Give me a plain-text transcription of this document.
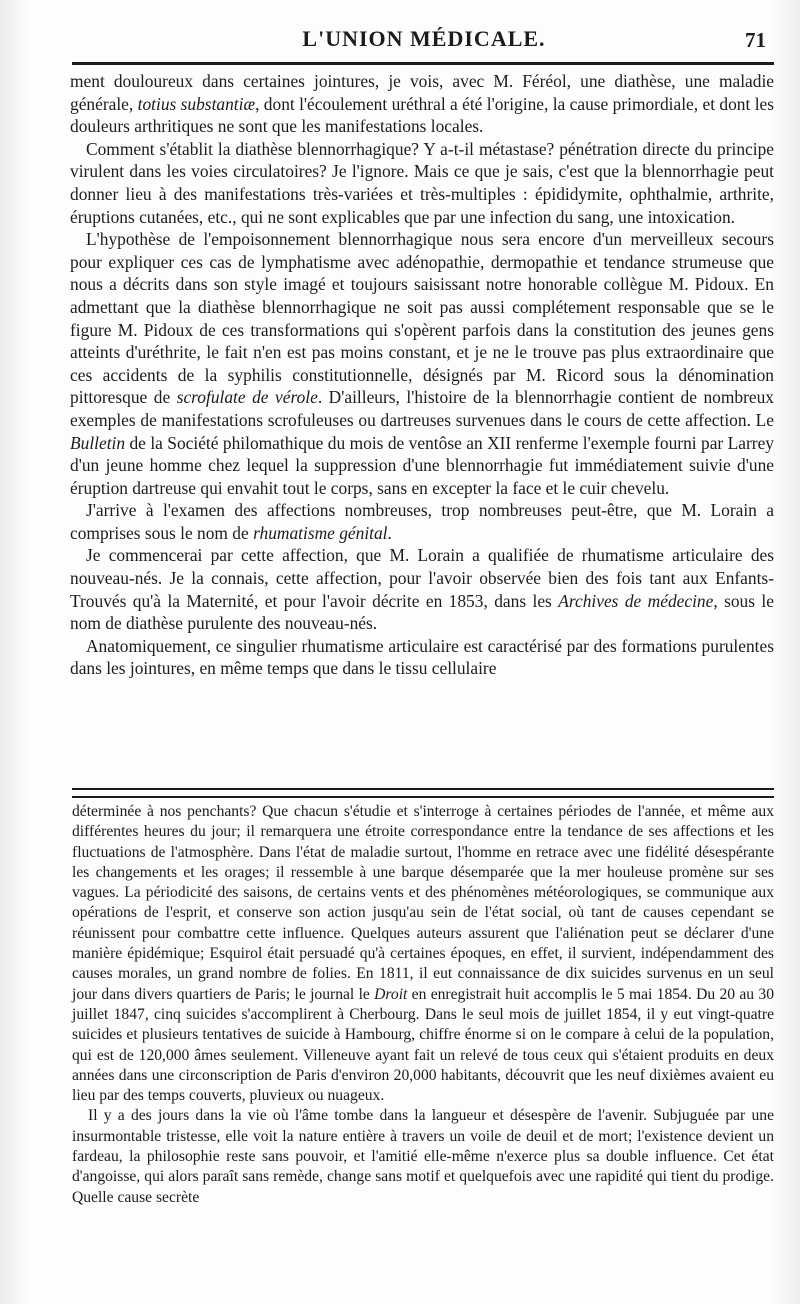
L'UNION MÉDICALE.	71

ment douloureux dans certaines jointures, je vois, avec M. Féréol, une diathèse, une maladie générale, totius substantiæ, dont l'écoulement uréthral a été l'origine, la cause primordiale, et dont les douleurs arthritiques ne sont que les manifestations locales.

Comment s'établit la diathèse blennorrhagique? Y a-t-il métastase? pénétration directe du principe virulent dans les voies circulatoires? Je l'ignore. Mais ce que je sais, c'est que la blennorrhagie peut donner lieu à des manifestations très-variées et très-multiples : épididymite, ophthalmie, arthrite, éruptions cutanées, etc., qui ne sont explicables que par une infection du sang, une intoxication.

L'hypothèse de l'empoisonnement blennorrhagique nous sera encore d'un merveilleux secours pour expliquer ces cas de lymphatisme avec adénopathie, dermopathie et tendance strumeuse que nous a décrits dans son style imagé et toujours saisissant notre honorable collègue M. Pidoux. En admettant que la diathèse blennorrhagique ne soit pas aussi complétement responsable que se le figure M. Pidoux de ces transformations qui s'opèrent parfois dans la constitution des jeunes gens atteints d'uréthrite, le fait n'en est pas moins constant, et je ne le trouve pas plus extraordinaire que ces accidents de la syphilis constitutionnelle, désignés par M. Ricord sous la dénomination pittoresque de scrofulate de vérole. D'ailleurs, l'histoire de la blennorrhagie contient de nombreux exemples de manifestations scrofuleuses ou dartreuses survenues dans le cours de cette affection. Le Bulletin de la Société philomathique du mois de ventôse an XII renferme l'exemple fourni par Larrey d'un jeune homme chez lequel la suppression d'une blennorrhagie fut immédiatement suivie d'une éruption dartreuse qui envahit tout le corps, sans en excepter la face et le cuir chevelu.

J'arrive à l'examen des affections nombreuses, trop nombreuses peut-être, que M. Lorain a comprises sous le nom de rhumatisme génital.

Je commencerai par cette affection, que M. Lorain a qualifiée de rhumatisme articulaire des nouveau-nés. Je la connais, cette affection, pour l'avoir observée bien des fois tant aux Enfants-Trouvés qu'à la Maternité, et pour l'avoir décrite en 1853, dans les Archives de médecine, sous le nom de diathèse purulente des nouveau-nés.

Anatomiquement, ce singulier rhumatisme articulaire est caractérisé par des formations purulentes dans les jointures, en même temps que dans le tissu cellulaire

déterminée à nos penchants? Que chacun s'étudie et s'interroge à certaines périodes de l'année, et même aux différentes heures du jour; il remarquera une étroite correspondance entre la tendance de ses affections et les fluctuations de l'atmosphère. Dans l'état de maladie surtout, l'homme en retrace avec une fidélité désespérante les changements et les orages; il ressemble à une barque désemparée que la mer houleuse promène sur ses vagues. La périodicité des saisons, de certains vents et des phénomènes météorologiques, se communique aux opérations de l'esprit, et conserve son action jusqu'au sein de l'état social, où tant de causes cependant se réunissent pour combattre cette influence. Quelques auteurs assurent que l'aliénation peut se déclarer d'une manière épidémique; Esquirol était persuadé qu'à certaines époques, en effet, il survient, indépendamment des causes morales, un grand nombre de folies. En 1811, il eut connaissance de dix suicides survenus en un seul jour dans divers quartiers de Paris; le journal le Droit en enregistrait huit accomplis le 5 mai 1854. Du 20 au 30 juillet 1847, cinq suicides s'accomplirent à Cherbourg. Dans le seul mois de juillet 1854, il y eut vingt-quatre suicides et plusieurs tentatives de suicide à Hambourg, chiffre énorme si on le compare à celui de la population, qui est de 120,000 âmes seulement. Villeneuve ayant fait un relevé de tous ceux qui s'étaient produits en deux années dans une circonscription de Paris d'environ 20,000 habitants, découvrit que les neuf dixièmes avaient eu lieu par des temps couverts, pluvieux ou nuageux.

Il y a des jours dans la vie où l'âme tombe dans la langueur et désespère de l'avenir. Subjuguée par une insurmontable tristesse, elle voit la nature entière à travers un voile de deuil et de mort; l'existence devient un fardeau, la philosophie reste sans pouvoir, et l'amitié elle-même n'exerce plus sa double influence. Cet état d'angoisse, qui alors paraît sans remède, change sans motif et quelquefois avec une rapidité qui tient du prodige. Quelle cause secrète
